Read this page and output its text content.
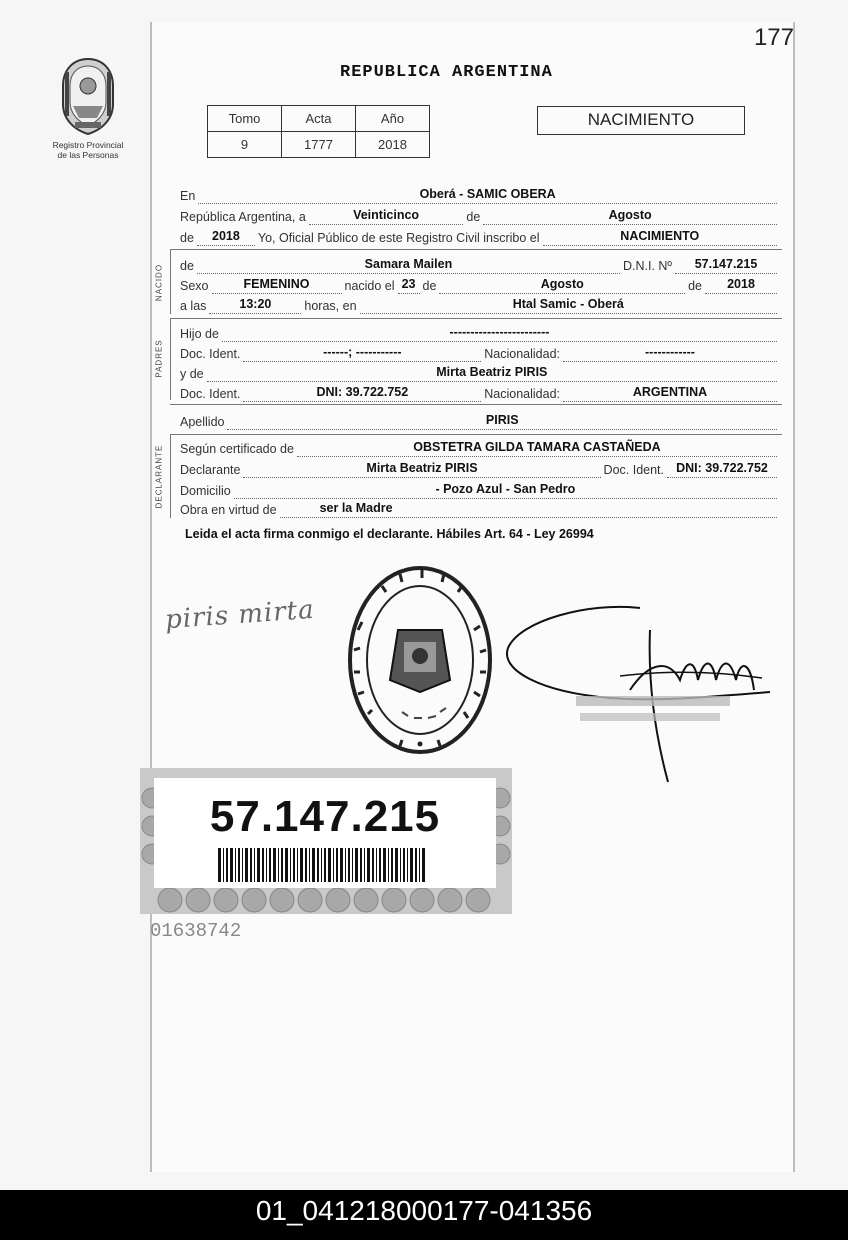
177
Registro Provincial
de las Personas
REPUBLICA ARGENTINA
Tomo	Acta	Año
9	1777	2018
NACIMIENTO
En	Oberá - SAMIC OBERA
República Argentina, a	Veinticinco	de	Agosto
de	2018	Yo, Oficial Público de este Registro Civil inscribo el	NACIMIENTO
NACIDO de	Samara Mailen	D.N.I. Nº	57.147.215
Sexo	FEMENINO	nacido el 23 de	Agosto	de	2018
a las	13:20	horas, en	Htal Samic - Oberá
PADRES
Hijo de	------------------------
Doc. Ident.	------; -----------	Nacionalidad:	------------
y de	Mirta Beatriz PIRIS
Doc. Ident.	DNI: 39.722.752	Nacionalidad:	ARGENTINA
Apellido	PIRIS
DECLARANTE Según certificado de	OBSTETRA GILDA TAMARA CASTAÑEDA
Declarante	Mirta Beatriz PIRIS	Doc. Ident. DNI: 39.722.752
Domicilio	- Pozo Azul - San Pedro
Obra en virtud de	ser la Madre
Leida el acta firma conmigo el declarante. Hábiles Art. 64 - Ley 26994
piris mirta
57.147.215
01638742
01_041218000177-041356
